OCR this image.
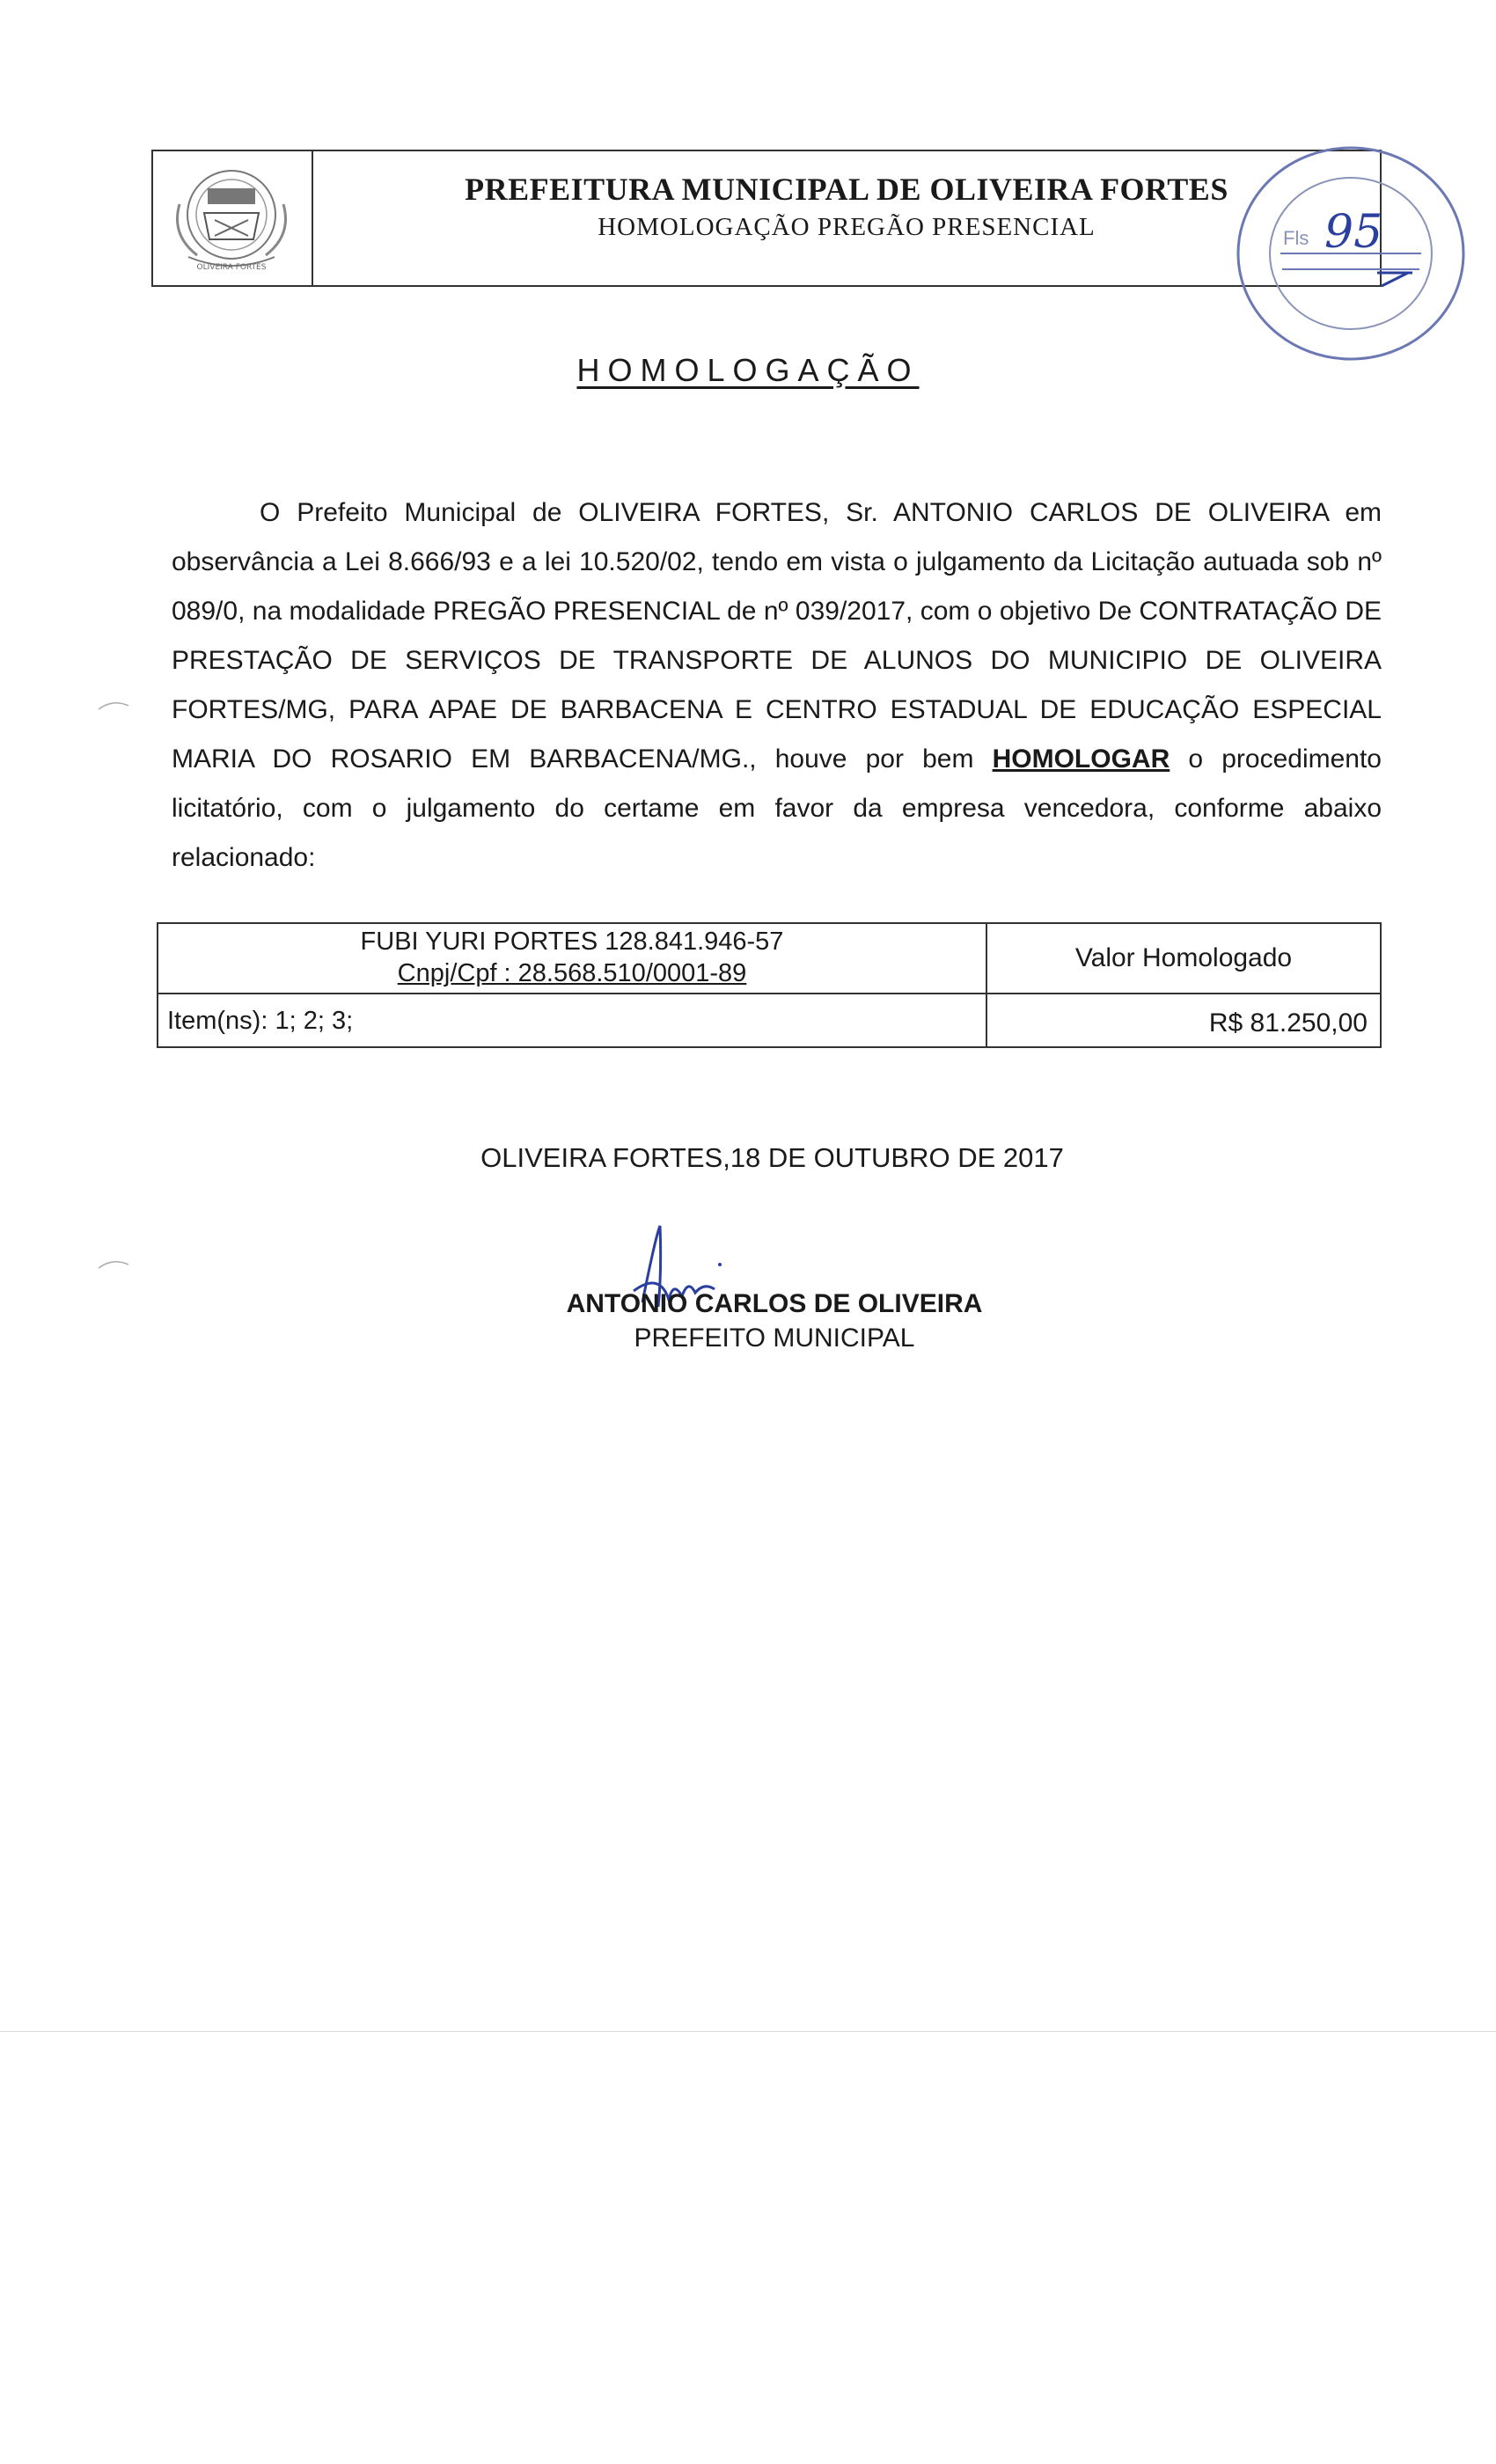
OLIVEIRA FORTES
PREFEITURA MUNICIPAL DE OLIVEIRA FORTES
HOMOLOGAÇÃO PREGÃO PRESENCIAL	Fls 95
HOMOLOGAÇÃO

O Prefeito Municipal de OLIVEIRA FORTES, Sr. ANTONIO CARLOS DE OLIVEIRA em observância a Lei 8.666/93 e a lei 10.520/02, tendo em vista o julgamento da Licitação autuada sob nº 089/0, na modalidade PREGÃO PRESENCIAL de nº 039/2017, com o objetivo De CONTRATAÇÃO DE PRESTAÇÃO DE SERVIÇOS DE TRANSPORTE DE ALUNOS DO MUNICIPIO DE OLIVEIRA FORTES/MG, PARA APAE DE BARBACENA E CENTRO ESTADUAL DE EDUCAÇÃO ESPECIAL MARIA DO ROSARIO EM BARBACENA/MG., houve por bem HOMOLOGAR o procedimento licitatório, com o julgamento do certame em favor da empresa vencedora, conforme abaixo relacionado:

FUBI YURI PORTES 128.841.946-57
Cnpj/Cpf : 28.568.510/0001-89
Item(ns): 1; 2; 3;
Valor Homologado
R$ 81.250,00
OLIVEIRA FORTES,18 DE OUTUBRO DE 2017
ANTONIO CARLOS DE OLIVEIRA
PREFEITO MUNICIPAL
